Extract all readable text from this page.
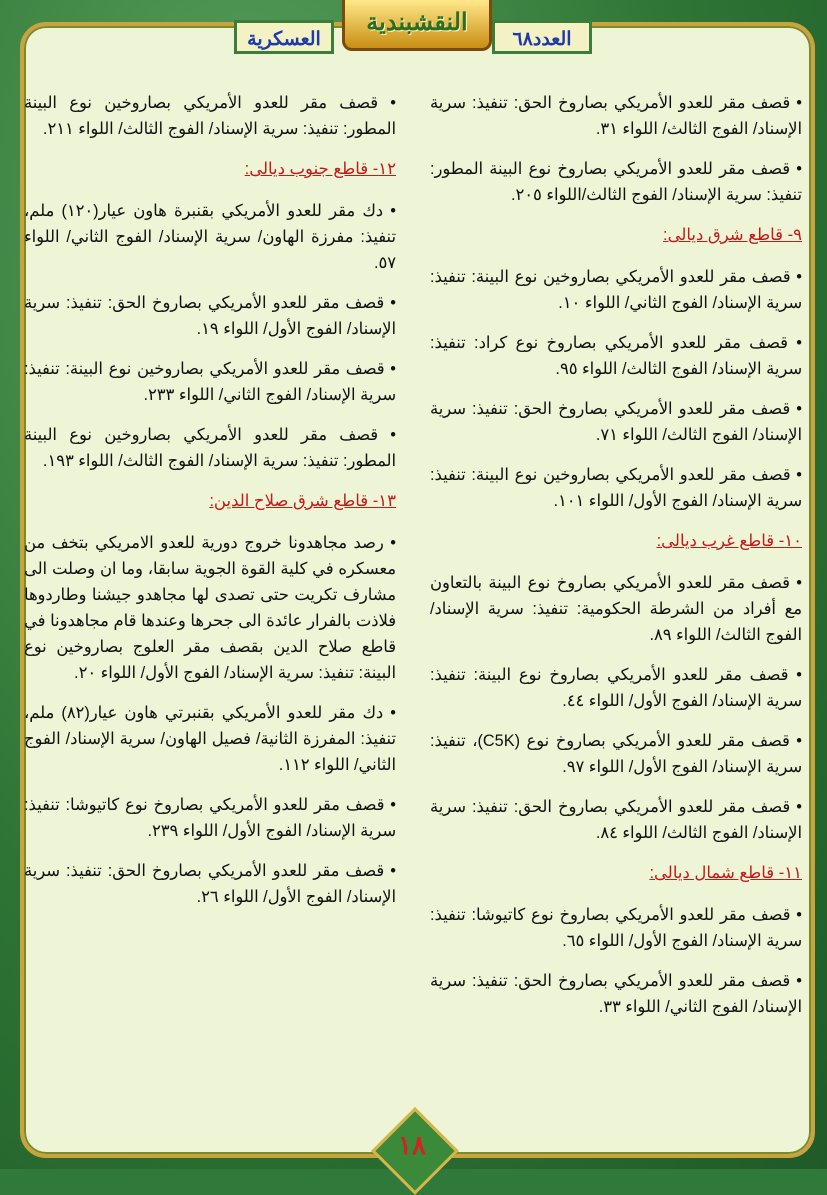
العسكرية
النقشبندية
العدد٦٨
• قصف مقر للعدو الأمريكي بصاروخ الحق: تنفيذ: سرية الإسناد/ الفوج الثالث/ اللواء ٣١.
• قصف مقر للعدو الأمريكي بصاروخ نوع البينة المطور: تنفيذ: سرية الإسناد/ الفوج الثالث/اللواء ٢٠٥.
٩- قاطع شرق ديالى:
• قصف مقر للعدو الأمريكي بصاروخين نوع البينة: تنفيذ: سرية الإسناد/ الفوج الثاني/ اللواء ١٠.
• قصف مقر للعدو الأمريكي بصاروخ نوع كراد: تنفيذ: سرية الإسناد/ الفوج الثالث/ اللواء ٩٥.
• قصف مقر للعدو الأمريكي بصاروخ الحق: تنفيذ: سرية الإسناد/ الفوج الثالث/ اللواء ٧١.
• قصف مقر للعدو الأمريكي بصاروخين نوع البينة: تنفيذ: سرية الإسناد/ الفوج الأول/ اللواء ١٠١.
١٠- قاطع غرب ديالى:
• قصف مقر للعدو الأمريكي بصاروخ نوع البينة بالتعاون مع أفراد من الشرطة الحكومية: تنفيذ: سرية الإسناد/ الفوج الثالث/ اللواء ٨٩.
• قصف مقر للعدو الأمريكي بصاروخ نوع البينة: تنفيذ: سرية الإسناد/ الفوج الأول/ اللواء ٤٤.
• قصف مقر للعدو الأمريكي بصاروخ نوع (C5K)، تنفيذ: سرية الإسناد/ الفوج الأول/ اللواء ٩٧.
• قصف مقر للعدو الأمريكي بصاروخ الحق: تنفيذ: سرية الإسناد/ الفوج الثالث/ اللواء ٨٤.
١١- قاطع شمال ديالى:
• قصف مقر للعدو الأمريكي بصاروخ نوع كاتيوشا: تنفيذ: سرية الإسناد/ الفوج الأول/ اللواء ٦٥.
• قصف مقر للعدو الأمريكي بصاروخ الحق: تنفيذ: سرية الإسناد/ الفوج الثاني/ اللواء ٣٣.
• قصف مقر للعدو الأمريكي بصاروخين نوع البينة المطور: تنفيذ: سرية الإسناد/ الفوج الثالث/ اللواء ٢١١.
١٢- قاطع جنوب ديالى:
• دك مقر للعدو الأمريكي بقنبرة هاون عيار(١٢٠) ملم، تنفيذ: مفرزة الهاون/ سرية الإسناد/ الفوج الثاني/ اللواء ٥٧.
• قصف مقر للعدو الأمريكي بصاروخ الحق: تنفيذ: سرية الإسناد/ الفوج الأول/ اللواء ١٩.
• قصف مقر للعدو الأمريكي بصاروخين نوع البينة: تنفيذ: سرية الإسناد/ الفوج الثاني/ اللواء ٢٣٣.
• قصف مقر للعدو الأمريكي بصاروخين نوع البينة المطور: تنفيذ: سرية الإسناد/ الفوج الثالث/ اللواء ١٩٣.
١٣- قاطع شرق صلاح الدين:
• رصد مجاهدونا خروج دورية للعدو الامريكي بتخف من معسكره في كلية القوة الجوية سابقا، وما ان وصلت الى مشارف تكريت حتى تصدى لها مجاهدو جيشنا وطاردوها فلاذت بالفرار عائدة الى جحرها وعندها قام مجاهدونا في قاطع صلاح الدين بقصف مقر العلوج بصاروخين نوع البينة: تنفيذ: سرية الإسناد/ الفوج الأول/ اللواء ٢٠.
• دك مقر للعدو الأمريكي بقنبرتي هاون عيار(٨٢) ملم، تنفيذ: المفرزة الثانية/ فصيل الهاون/ سرية الإسناد/ الفوج الثاني/ اللواء ١١٢.
• قصف مقر للعدو الأمريكي بصاروخ نوع كاتيوشا: تنفيذ: سرية الإسناد/ الفوج الأول/ اللواء ٢٣٩.
• قصف مقر للعدو الأمريكي بصاروخ الحق: تنفيذ: سرية الإسناد/ الفوج الأول/ اللواء ٢٦.
١٨
